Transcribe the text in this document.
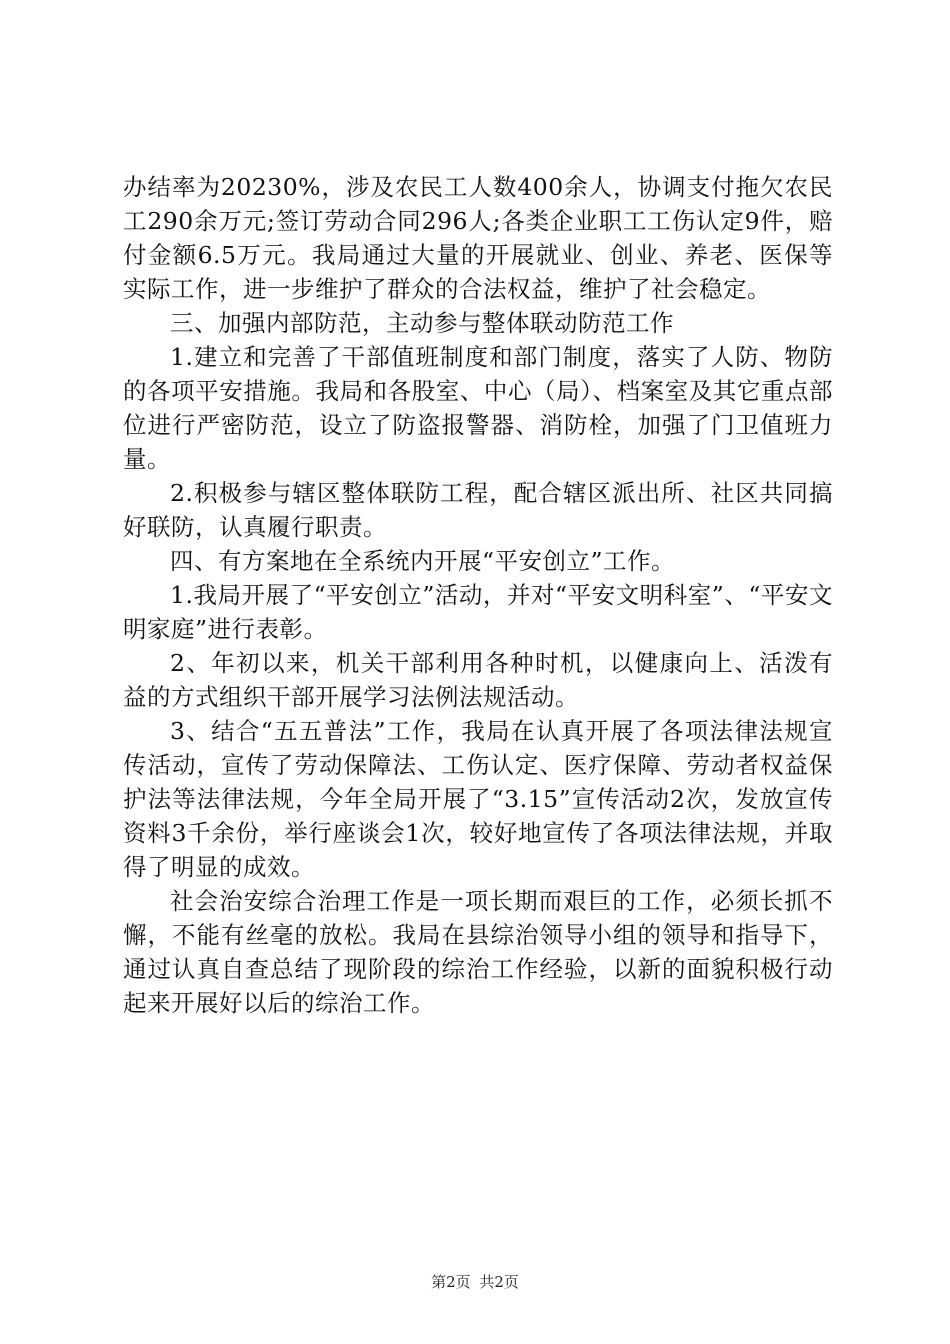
办结率为20230%，涉及农民工人数400余人，协调支付拖欠农民工290余万元;签订劳动合同296人;各类企业职工工伤认定9件，赔付金额6.5万元。我局通过大量的开展就业、创业、养老、医保等实际工作，进一步维护了群众的合法权益，维护了社会稳定。

三、加强内部防范，主动参与整体联动防范工作

1.建立和完善了干部值班制度和部门制度，落实了人防、物防的各项平安措施。我局和各股室、中心（局）、档案室及其它重点部位进行严密防范，设立了防盗报警器、消防栓，加强了门卫值班力量。

2.积极参与辖区整体联防工程，配合辖区派出所、社区共同搞好联防，认真履行职责。

四、有方案地在全系统内开展“平安创立”工作。

1.我局开展了“平安创立”活动，并对“平安文明科室”、“平安文明家庭”进行表彰。

2、年初以来，机关干部利用各种时机，以健康向上、活泼有益的方式组织干部开展学习法例法规活动。

3、结合“五五普法”工作，我局在认真开展了各项法律法规宣传活动，宣传了劳动保障法、工伤认定、医疗保障、劳动者权益保护法等法律法规，今年全局开展了“3.15”宣传活动2次，发放宣传资料3千余份，举行座谈会1次，较好地宣传了各项法律法规，并取得了明显的成效。

社会治安综合治理工作是一项长期而艰巨的工作，必须长抓不懈，不能有丝毫的放松。我局在县综治领导小组的领导和指导下，通过认真自查总结了现阶段的综治工作经验，以新的面貌积极行动起来开展好以后的综治工作。

第2页 共2页
